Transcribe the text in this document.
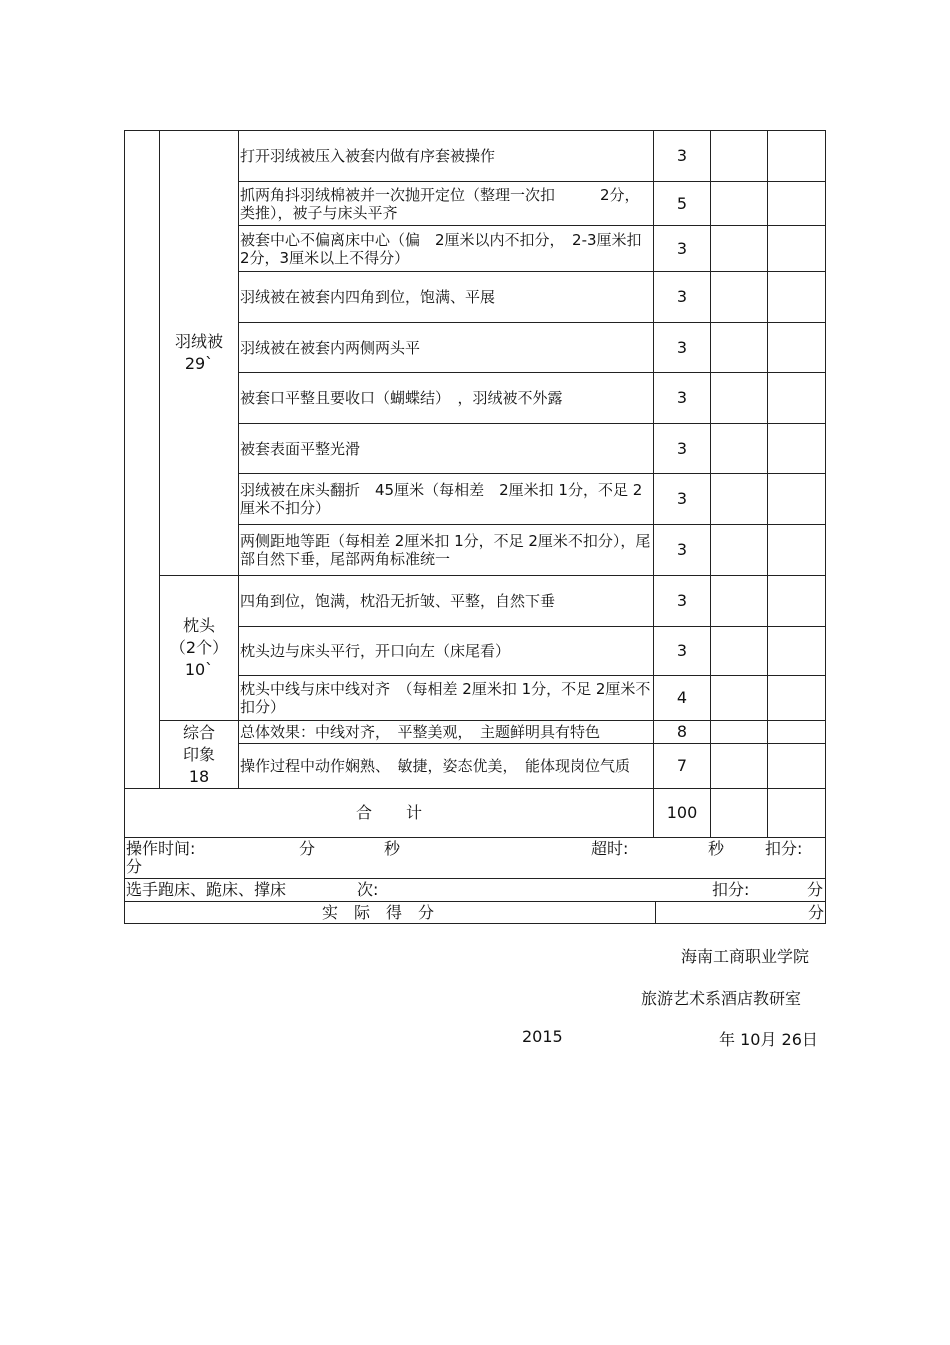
	羽绒被
29`	打开羽绒被压入被套内做有序套被操作	3		
		抓两角抖羽绒棉被并一次抛开定位（整理一次扣　　　2分，类推），被子与床头平齐	5		
		被套中心不偏离床中心（偏　2厘米以内不扣分，　2-3厘米扣 2分，3厘米以上不得分）	3		
		羽绒被在被套内四角到位，饱满、平展	3		
		羽绒被在被套内两侧两头平	3		
		被套口平整且要收口（蝴蝶结）　，羽绒被不外露	3		
		被套表面平整光滑	3		
		羽绒被在床头翻折　45厘米（每相差　2厘米扣 1分，不足 2厘米不扣分）	3		
		两侧距地等距（每相差 2厘米扣 1分，不足 2厘米不扣分），尾部自然下垂，尾部两角标准统一	3		
	枕头
（2个）
10`	四角到位，饱满，枕沿无折皱、平整，自然下垂	3		
		枕头边与床头平行，开口向左（床尾看）	3		
		枕头中线与床中线对齐　（每相差 2厘米扣 1分，不足 2厘米不扣分）	4		
	综合
印象
18	总体效果：中线对齐，　平整美观，　主题鲜明具有特色	8		
		操作过程中动作娴熟、　敏捷，姿态优美，　能体现岗位气质	7		
合 计			100		
操作时间:	分	秒	超时:	秒	扣分:
分

选手跑床、跪床、撑床	次:	扣分:	分

实　际　得　分	分
海南工商职业学院
旅游艺术系酒店教研室
2015	年 10月 26日
